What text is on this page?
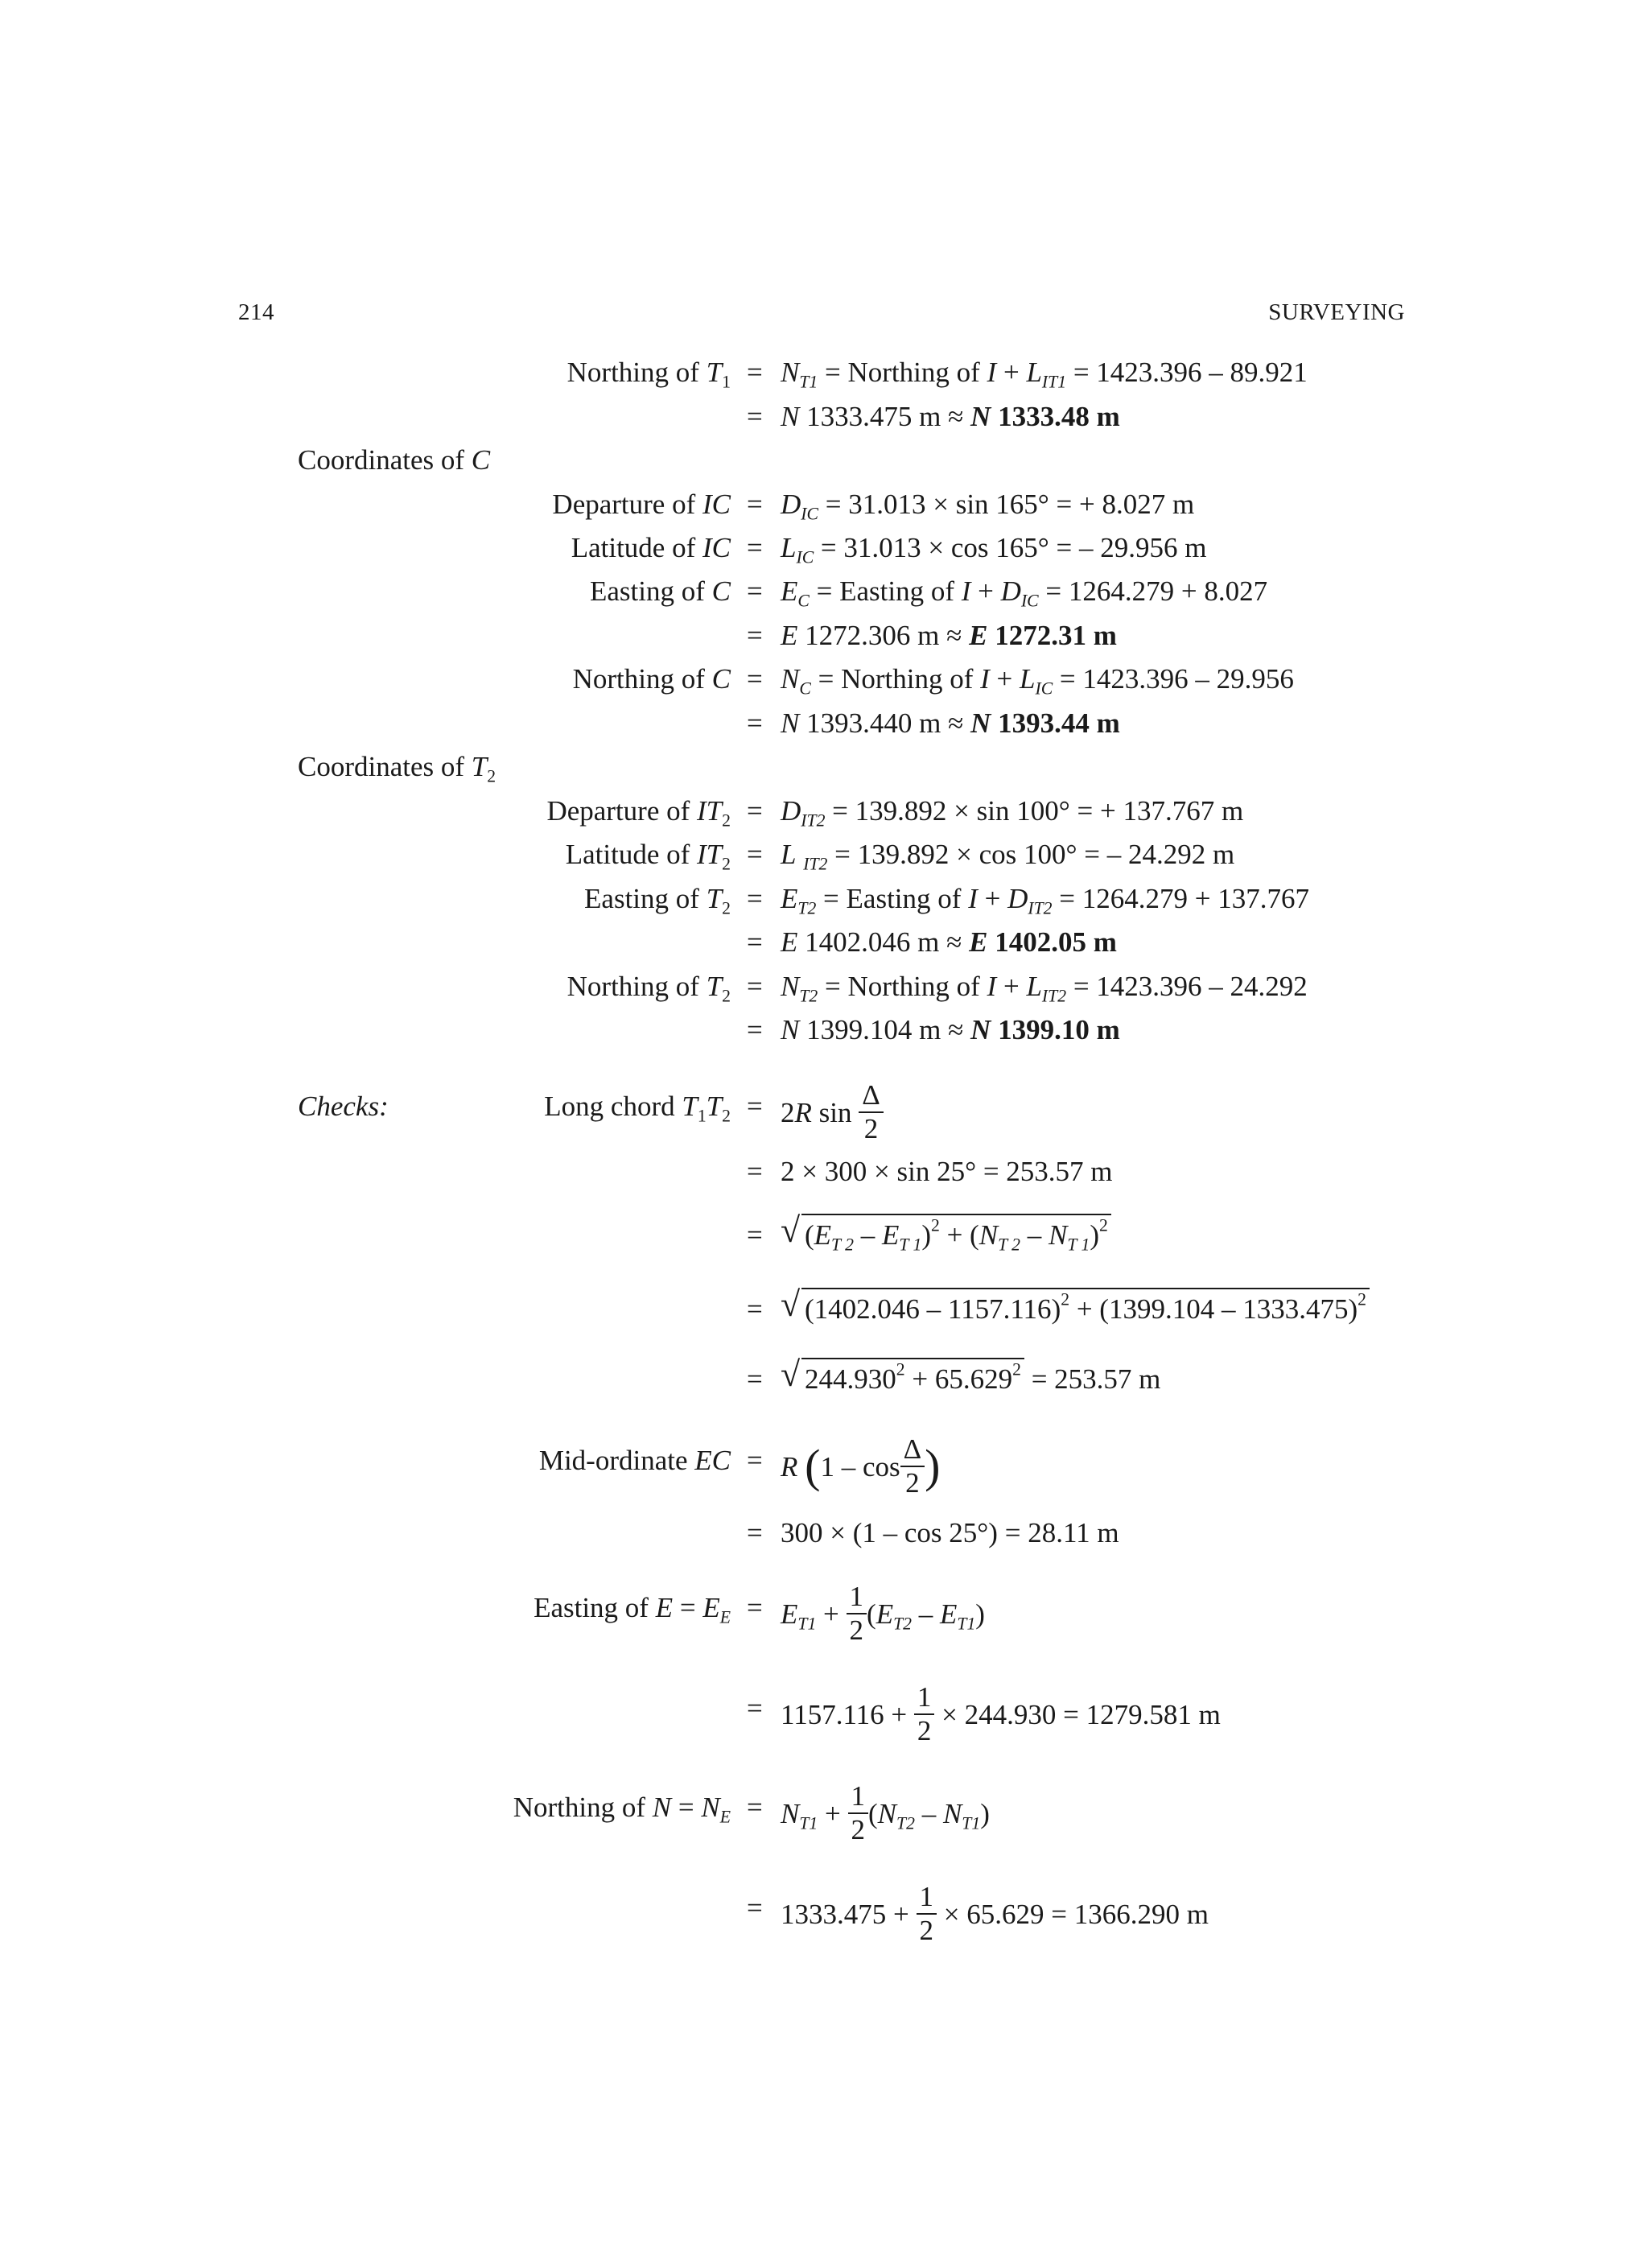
214	SURVEYING
Northing of $T_1 = N_{T1}$ = Northing of $I + L_{IT1} = 1423.396 - 89.921$
= N 1333.475 m ≈ N 1333.48 m
Coordinates of C
Departure of IC = $D_{IC} = 31.013 \times \sin 165^\circ$ = + 8.027 m
Latitude of IC = $L_{IC} = 31.013 \times \cos 165^\circ$ = – 29.956 m
Easting of $C = E_C$ = Easting of $I + D_{IC} = 1264.279 + 8.027$
= E 1272.306 m ≈ E 1272.31 m
Northing of $C = N_C$ = Northing of $I + L_{IC} = 1423.396 - 29.956$
= N 1393.440 m ≈ N 1393.44 m
Coordinates of $T_2$
Departure of $IT_2 = D_{IT2} = 139.892 \times \sin 100^\circ$ = + 137.767 m
Latitude of $IT_2 = L$ $_{IT2}$ = 139.892 × cos 100° = – 24.292 m
Easting of $T_2 = E_{T2}$ = Easting of $I + D_{IT2} = 1264.279 + 137.767$
= E 1402.046 m ≈ E 1402.05 m
Northing of $T_2 = N_{T2}$ = Northing of $I + L_{IT2} = 1423.396 - 24.292$
= N 1399.104 m ≈ N 1399.10 m
Checks:	Long chord $T_1T_2 = 2R$ $\sin \frac{\Delta}{2}$
= 2 × 300 × sin 25° = 253.57 m
= √ $(E_{T 2} - E_{T 1})^2 + (N_{T 2} - N_{T 1})^2$
= √ (1402.046 – 1157.116)$^2$ + (1399.104 – 1333.475)$^2$
= √ $244.930^2 + 65.629^2 = 253.57$ m
Mid-ordinate EC = R ($1 - \cos \frac{\Delta}{2}$ )
= 300 × (1 – cos 25°) = 28.11 m
Easting of $E = E_E = E_{T1} + \frac{1}{2} (E_{T2} - E_{T1})$
= $1157.116 + \frac{1}{2} \times 244.930 = 1279.581$ m
Northing of $N = N_E = N_{T1} + \frac{1}{2} (N_{T2} - N_{T1})$
= $1333.475 + \frac{1}{2} \times 65.629 = 1366.290$ m
